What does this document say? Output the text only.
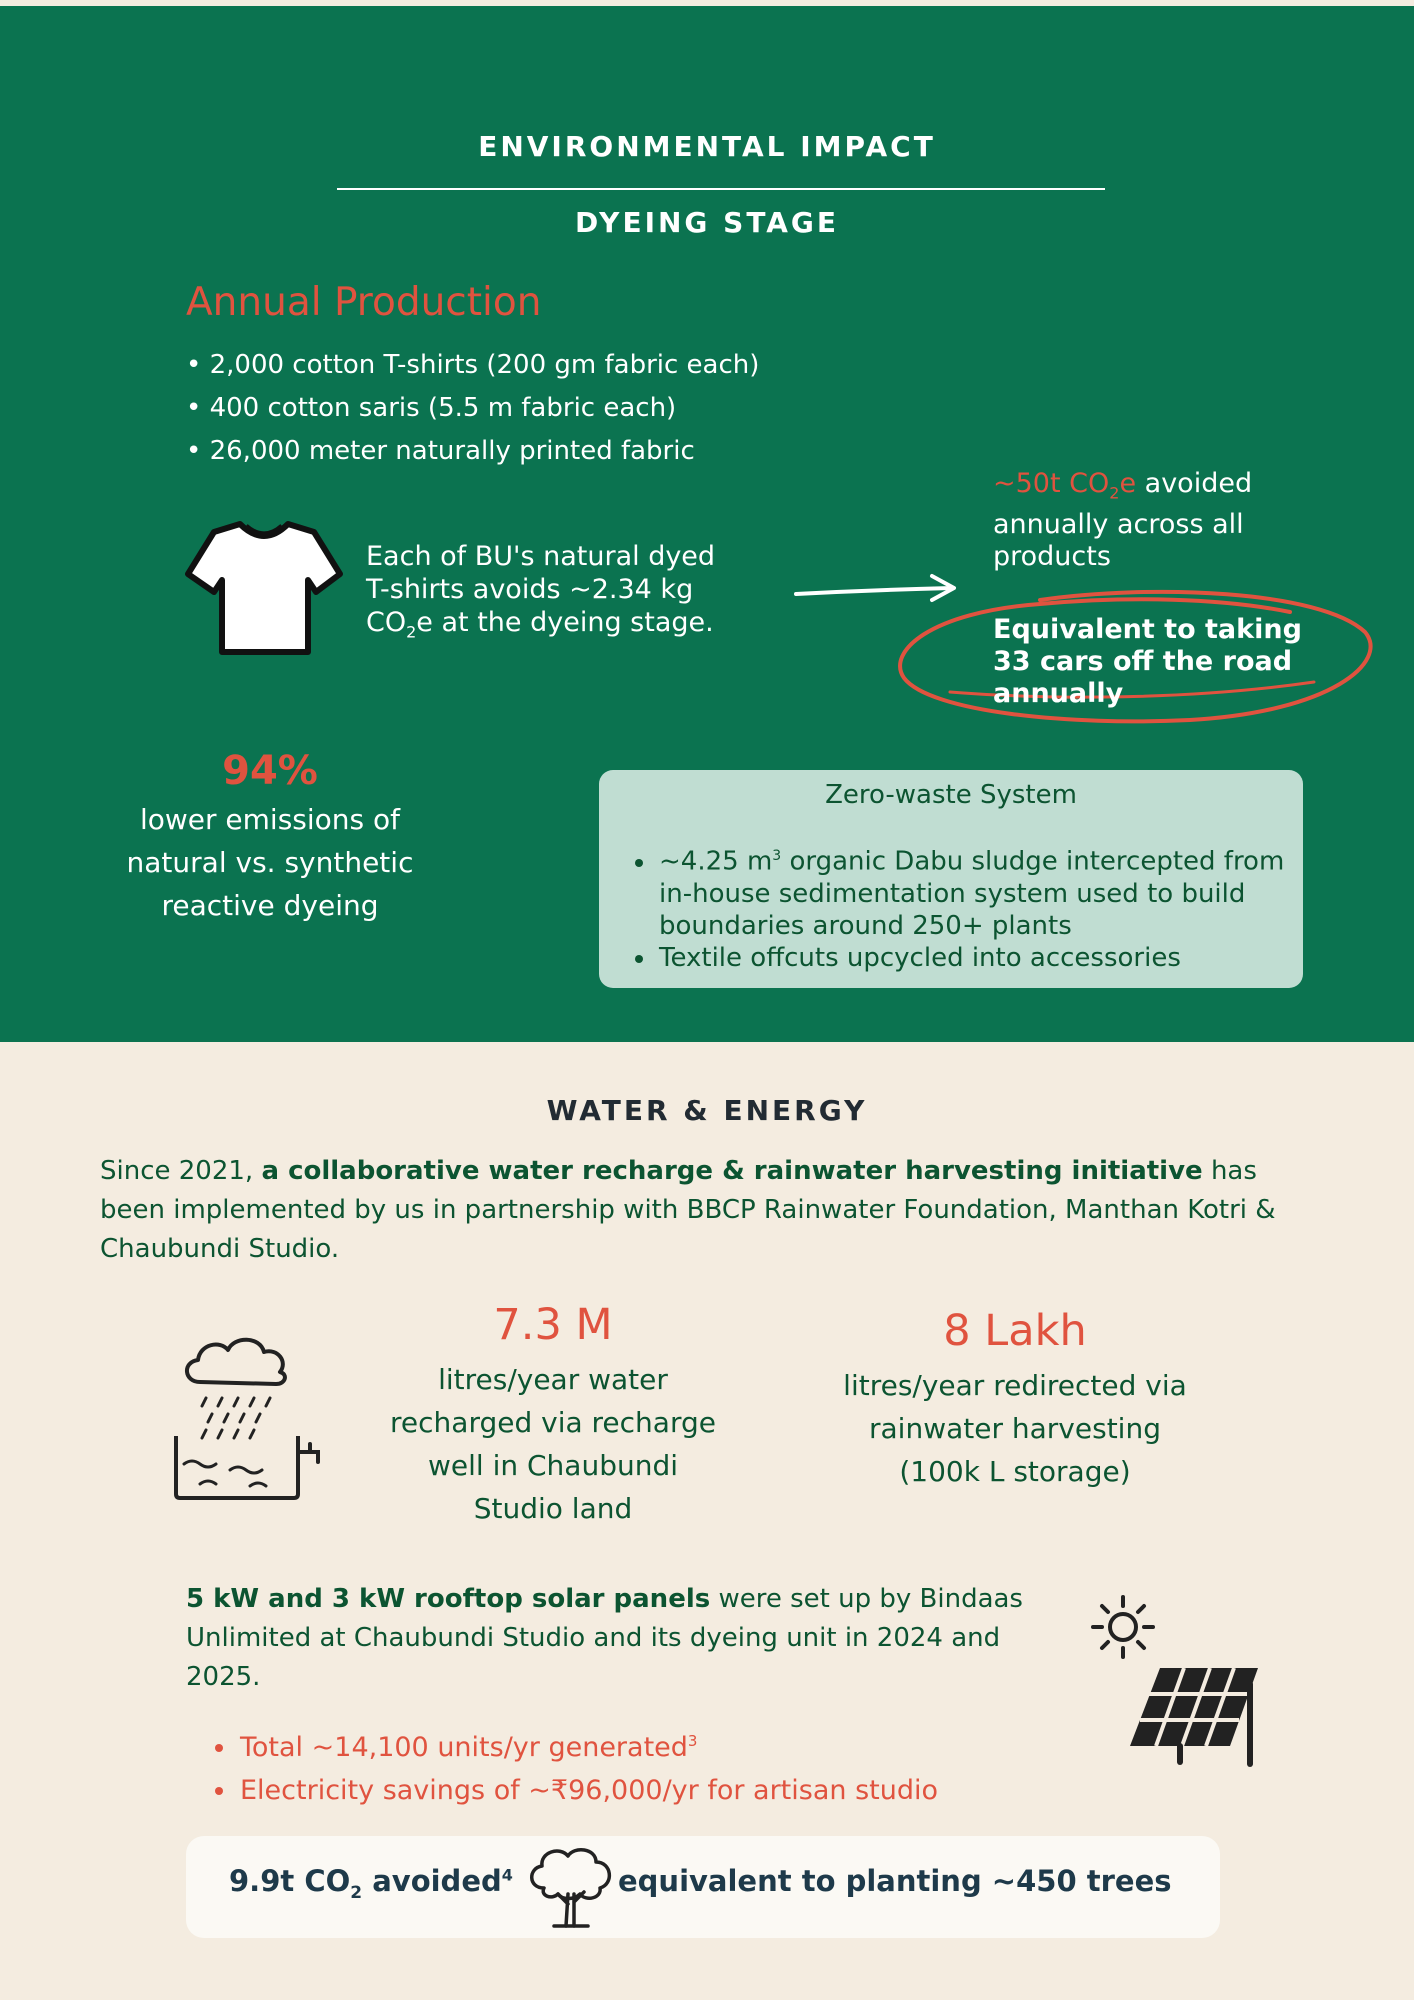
ENVIRONMENTAL IMPACT
DYEING STAGE
Annual Production
• 2,000 cotton T-shirts (200 gm fabric each)
• 400 cotton saris (5.5 m fabric each)
• 26,000 meter naturally printed fabric
Each of BU's natural dyed
T-shirts avoids ~2.34 kg
$CO_2e$ at the dyeing stage.
~50t $CO_2e$ avoided
annually across all
products
Equivalent to taking
33 cars off the road
annually
94%
lower emissions of
natural vs. synthetic
reactive dyeing
Zero-waste System
• ~4.25 $m^3$ organic Dabu sludge intercepted from in-house sedimentation system used to build boundaries around 250+ plants
• Textile offcuts upcycled into accessories
WATER & ENERGY
Since 2021, a collaborative water recharge & rainwater harvesting initiative has been implemented by us in partnership with BBCP Rainwater Foundation, Manthan Kotri & Chaubundi Studio.
7.3 M
litres/year water
recharged via recharge
well in Chaubundi
Studio land
8 Lakh
litres/year redirected via
rainwater harvesting
(100k L storage)
5 kW and 3 kW rooftop solar panels were set up by Bindaas Unlimited at Chaubundi Studio and its dyeing unit in 2024 and 2025.
• Total ~14,100 units/yr generated$^3$
• Electricity savings of ~₹96,000/yr for artisan studio
9.9t $CO_2$ avoided$^4$	equivalent to planting ~450 trees
